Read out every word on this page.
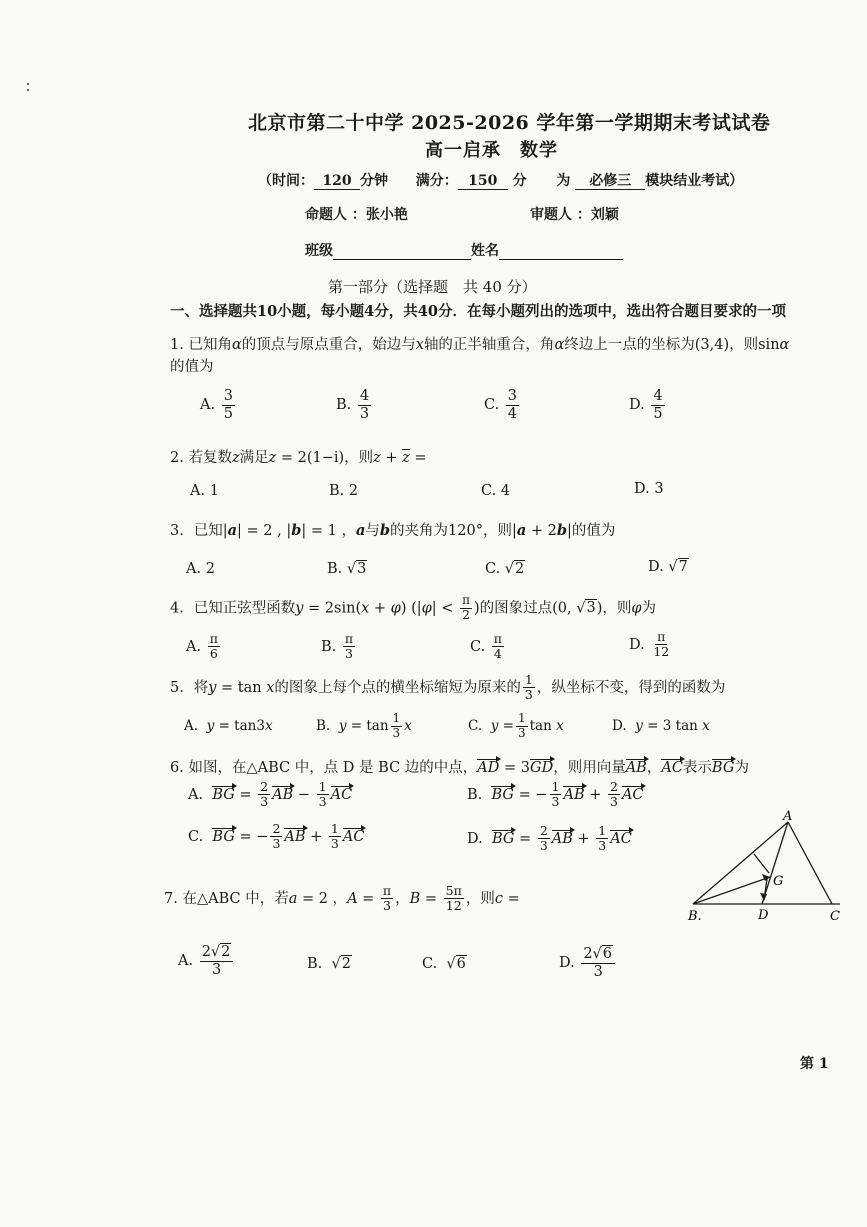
北京市第二十中学 2025-2026 学年第一学期期末考试试卷
高一启承　数学
（时间： 120 分钟 满分： 150 分 为 必修三 模块结业考试）
命题人 ：张小艳	审题人 ：刘颖
班级	姓名
第一部分（选择题　共 40 分）
一、选择题共10小题，每小题4分，共40分．在每小题列出的选项中，选出符合题目要求的一项
1. 已知角α的顶点与原点重合，始边与x轴的正半轴重合，角α终边上一点的坐标为(3,4)，则sinα
的值为
A. $\frac{3}{5}$	B. $\frac{4}{3}$	C. $\frac{3}{4}$	D. $\frac{4}{5}$
2. 若复数z满足z = 2(1−i)，则$z + \overline{z}$ =
A. 1	B. 2	C. 4	D. 3
3．已知|a| = 2 , |b| = 1 ，a与b的夹角为120°，则|a + 2b|的值为
A. 2	B. √3	C. √2	D. √7
4．已知正弦型函数y = 2sin(x + φ) ($|\varphi| < \frac{\pi}{2}$ )的图象过点(0, √3)，则φ为
A. $\frac{\pi}{6}$	B. $\frac{\pi}{3}$	C. $\frac{\pi}{4}$	D. $\frac{\pi}{12}$
5．将y = tan x的图象上每个点的横坐标缩短为原来的 $\frac{1}{3}$ ，纵坐标不变，得到的函数为
A. y = tan3x	B. $y = \tan \frac{1}{3}$ x	C. $y = \frac{1}{3}$ tan x	D. y = 3 tan x
6. 如图，在△ABC 中，点 D 是 BC 边的中点，AD = 3GD，则用向量AB，AC表示BG为
A. BG = $\frac{2}{3}$ AB − $\frac{1}{3}$ AC	B. BG = − $\frac{1}{3}$ AB + $\frac{2}{3}$ AC
C. BG = − $\frac{2}{3}$ AB + $\frac{1}{3}$ AC	D. BG = $\frac{2}{3}$ AB + $\frac{1}{3}$ AC
A
B.	C
D
G
7. 在△ABC 中，若a = 2 ，$A = \frac{\pi}{3}$ ，$B = \frac{5\pi}{12}$ ，则c =
A. $\frac{2√2}{3}$	B.  √2	C.  √6	D. $\frac{2√6}{3}$
第 1
